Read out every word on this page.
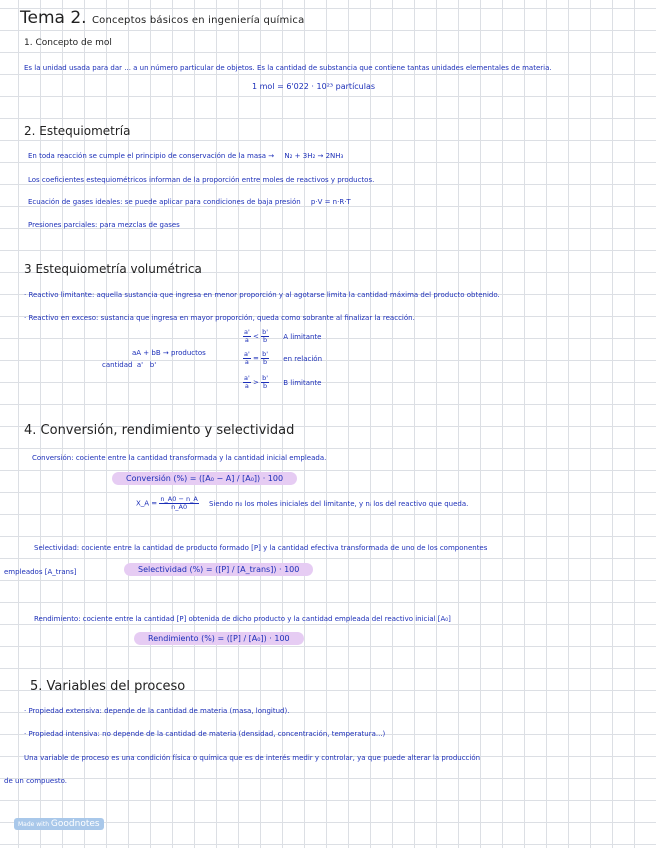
Tema 2. Conceptos básicos en ingeniería química
1. Concepto de mol
Es la unidad usada para dar ... a un número particular de objetos. Es la cantidad de substancia que contiene tantas unidades elementales de materia.
1 mol = 6'022 · 10²³ partículas
2. Estequiometría
En toda reacción se cumple el principio de conservación de la masa → N₂ + 3H₂ → 2NH₃
Los coeficientes estequiométricos informan de la proporción entre moles de reactivos y productos.
Ecuación de gases ideales: se puede aplicar para condiciones de baja presión p·V = n·R·T
Presiones parciales: para mezclas de gases
3 Estequiometría volumétrica
· Reactivo limitante: aquella sustancia que ingresa en menor proporción y al agotarse limita la cantidad máxima del producto obtenido.
· Reactivo en exceso: sustancia que ingresa en mayor proporción, queda como sobrante al finalizar la reacción.
aA + bB → productos
cantidad  a'   b'
$\frac{a'}{a} < \frac{b'}{b}$ A limitante
$\frac{a'}{a} = \frac{b'}{b}$ en relación
$\frac{a'}{a} > \frac{b'}{b}$ B limitante
4. Conversión, rendimiento y selectividad
Conversión: cociente entre la cantidad transformada y la cantidad inicial empleada.
Conversión (%) = ([A₀ − A] / [A₀]) · 100
X_A = $\frac{n\_A0 - n\_A}{n\_A0}$ Siendo n₀ los moles iniciales del limitante, y nᵢ los del reactivo que queda.
Selectividad: cociente entre la cantidad de producto formado [P] y la cantidad efectiva transformada de uno de los componentes
empleados [A_trans]	Selectividad (%) = ([P] / [A_trans]) · 100
Rendimiento: cociente entre la cantidad [P] obtenida de dicho producto y la cantidad empleada del reactivo inicial [A₀]
Rendimiento (%) = ([P] / [A₀]) · 100
5. Variables del proceso
· Propiedad extensiva: depende de la cantidad de materia (masa, longitud).
· Propiedad intensiva: no depende de la cantidad de materia (densidad, concentración, temperatura...)
Una variable de proceso es una condición física o química que es de interés medir y controlar, ya que puede alterar la producción
de un compuesto.
Made with Goodnotes
